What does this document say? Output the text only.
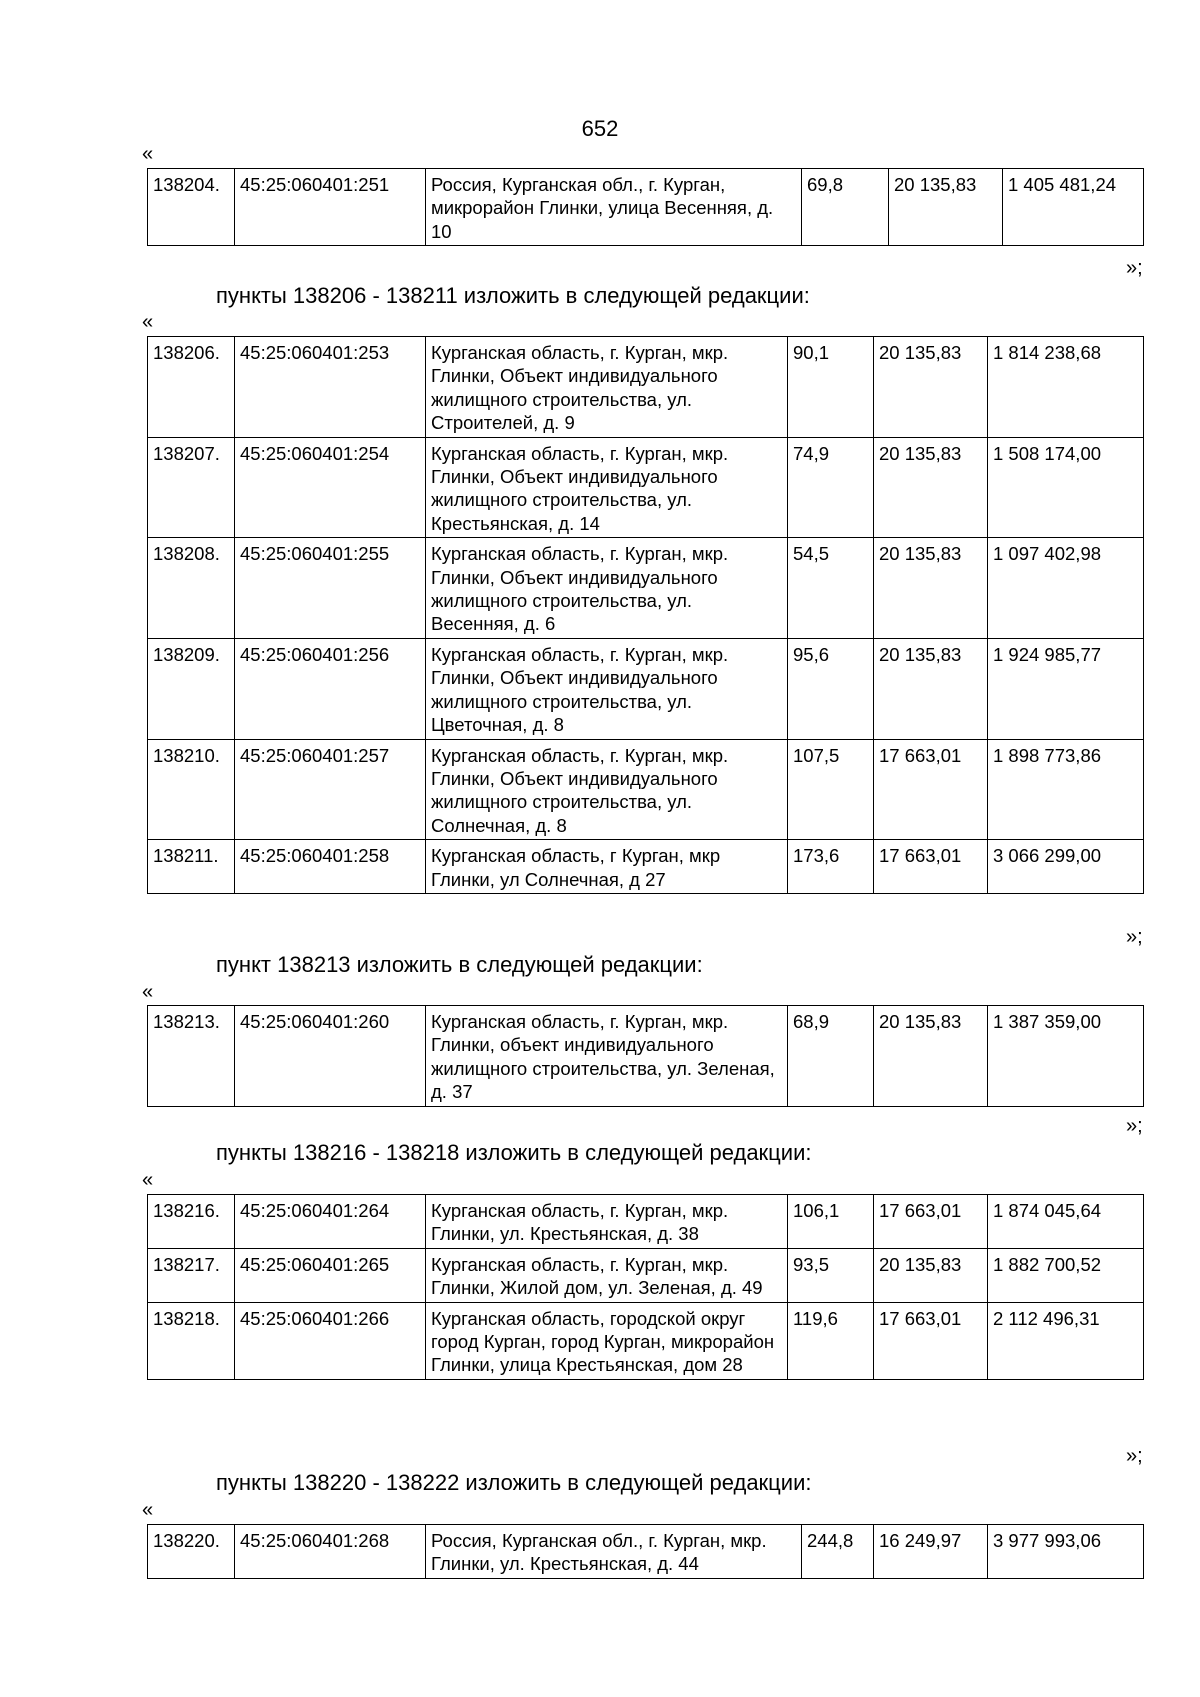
652
«
138204.	45:25:060401:251	Россия, Курганская обл., г. Курган, микрорайон Глинки, улица Весенняя, д. 10	69,8	20 135,83	1 405 481,24
»;
пункты 138206 - 138211 изложить в следующей редакции:
«
138206.	45:25:060401:253	Курганская область, г. Курган, мкр. Глинки, Объект индивидуального жилищного строительства, ул. Строителей, д. 9	90,1	20 135,83	1 814 238,68
138207.	45:25:060401:254	Курганская область, г. Курган, мкр. Глинки, Объект индивидуального жилищного строительства, ул. Крестьянская, д. 14	74,9	20 135,83	1 508 174,00
138208.	45:25:060401:255	Курганская область, г. Курган, мкр. Глинки, Объект индивидуального жилищного строительства, ул. Весенняя, д. 6	54,5	20 135,83	1 097 402,98
138209.	45:25:060401:256	Курганская область, г. Курган, мкр. Глинки, Объект индивидуального жилищного строительства, ул. Цветочная, д. 8	95,6	20 135,83	1 924 985,77
138210.	45:25:060401:257	Курганская область, г. Курган, мкр. Глинки, Объект индивидуального жилищного строительства, ул. Солнечная, д. 8	107,5	17 663,01	1 898 773,86
138211.	45:25:060401:258	Курганская область, г Курган, мкр Глинки, ул Солнечная, д 27	173,6	17 663,01	3 066 299,00
»;
пункт 138213 изложить в следующей редакции:
«
138213.	45:25:060401:260	Курганская область, г. Курган, мкр. Глинки, объект индивидуального жилищного строительства, ул. Зеленая, д. 37	68,9	20 135,83	1 387 359,00
»;
пункты 138216 - 138218 изложить в следующей редакции:
«
138216.	45:25:060401:264	Курганская область, г. Курган, мкр. Глинки, ул. Крестьянская, д. 38	106,1	17 663,01	1 874 045,64
138217.	45:25:060401:265	Курганская область, г. Курган, мкр. Глинки, Жилой дом, ул. Зеленая, д. 49	93,5	20 135,83	1 882 700,52
138218.	45:25:060401:266	Курганская область, городской округ город Курган, город Курган, микрорайон Глинки, улица Крестьянская, дом 28	119,6	17 663,01	2 112 496,31
»;
пункты 138220 - 138222 изложить в следующей редакции:
«
138220.	45:25:060401:268	Россия, Курганская обл., г. Курган, мкр. Глинки, ул. Крестьянская, д. 44	244,8	16 249,97	3 977 993,06
